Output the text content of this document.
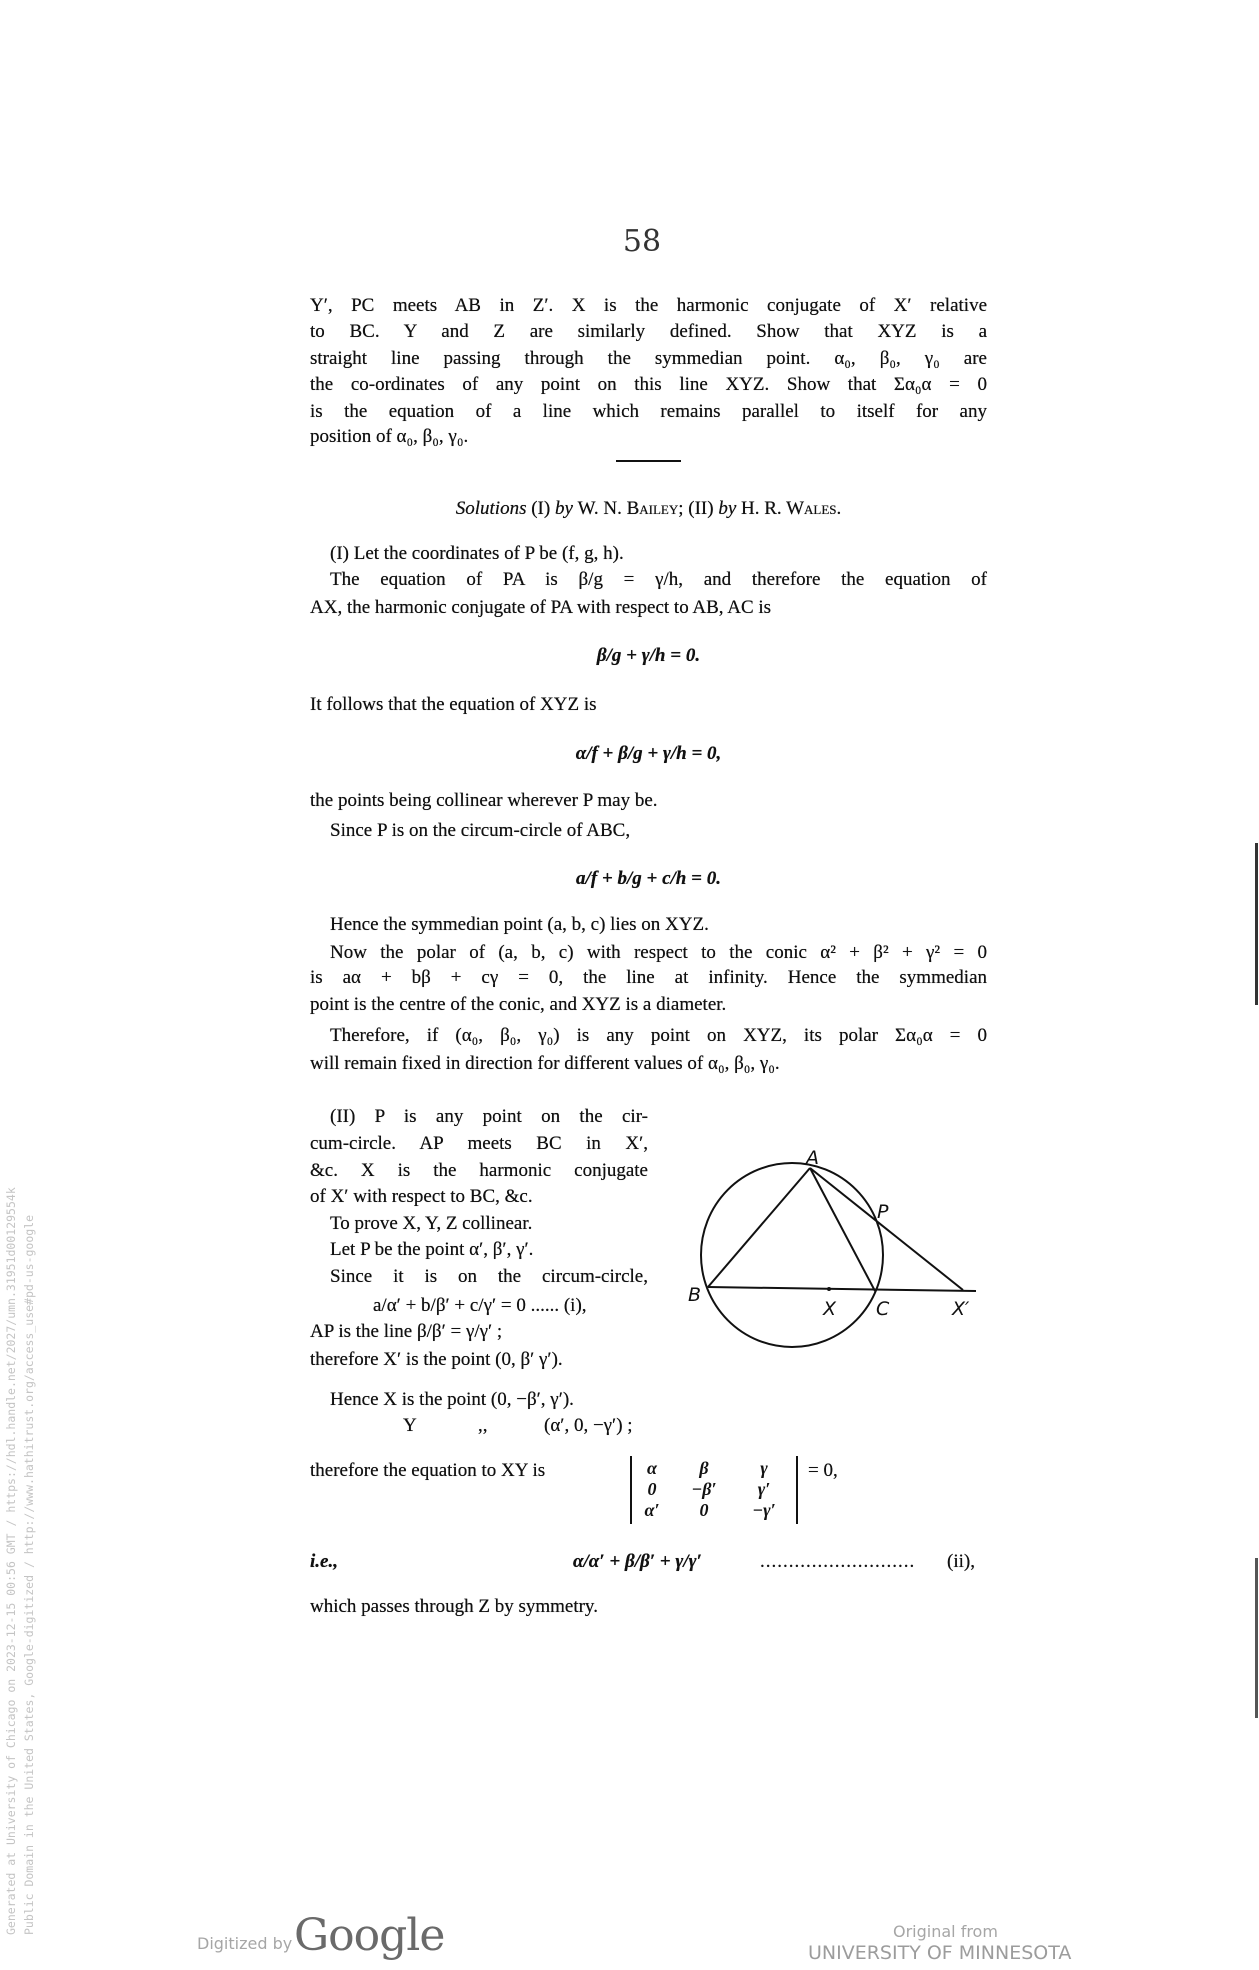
58
Y′, PC meets AB in Z′. X is the harmonic conjugate of X′ relative
to BC. Y and Z are similarly defined. Show that XYZ is a
straight line passing through the symmedian point. α₀, β₀, γ₀ are
the co-ordinates of any point on this line XYZ. Show that Σα₀α = 0
is the equation of a line which remains parallel to itself for any
position of α₀, β₀, γ₀.
Solutions (I) by W. N. Bailey; (II) by H. R. Wales.
(I) Let the coordinates of P be (f, g, h).
The equation of PA is β/g = γ/h, and therefore the equation of
AX, the harmonic conjugate of PA with respect to AB, AC is
β/g + γ/h = 0.
It follows that the equation of XYZ is
α/f + β/g + γ/h = 0,
the points being collinear wherever P may be.
Since P is on the circum-circle of ABC,
a/f + b/g + c/h = 0.
Hence the symmedian point (a, b, c) lies on XYZ.
Now the polar of (a, b, c) with respect to the conic α² + β² + γ² = 0
is aα + bβ + cγ = 0, the line at infinity. Hence the symmedian
point is the centre of the conic, and XYZ is a diameter.
Therefore, if (α₀, β₀, γ₀) is any point on XYZ, its polar Σα₀α = 0
will remain fixed in direction for different values of α₀, β₀, γ₀.
(II) P is any point on the cir-
cum-circle. AP meets BC in X′,
&c. X is the harmonic conjugate
of X′ with respect to BC, &c.
To prove X, Y, Z collinear.
Let P be the point α′, β′, γ′.
Since it is on the circum-circle,
a/α′ + b/β′ + c/γ′ = 0 ...... (i),
AP is the line β/β′ = γ/γ′ ;
therefore X′ is the point (0, β′ γ′).
Hence X is the point (0, −β′, γ′).
Y	,,	(α′, 0, −γ′) ;
therefore the equation to XY is	α	β	γ
0	−β′	γ′
α′	0	−γ′
= 0,
i.e.,	α/α′ + β/β′ + γ/γ′	........................... (ii),
which passes through Z by symmetry.
A
P
B
X C	X′
Generated at University of Chicago on 2023-12-15 00:56 GMT / https://hdl.handle.net/2027/umn.31951d00129554k Public Domain in the United States, Google-digitized / http://www.hathitrust.org/access_use#pd-us-google
Digitized by Google	Original from
UNIVERSITY OF MINNESOTA
